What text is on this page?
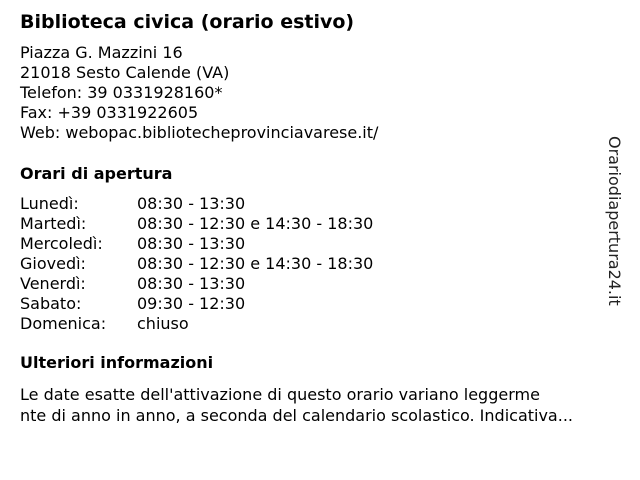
Biblioteca civica (orario estivo)
Piazza G. Mazzini 16
21018 Sesto Calende (VA)
Telefon: 39 0331928160*
Fax: +39 0331922605
Web: webopac.bibliotecheprovinciavarese.it/
Orari di apertura
Lunedì:	08:30 - 13:30
Martedì:	08:30 - 12:30 e 14:30 - 18:30
Mercoledì: 08:30 - 13:30
Giovedì:	08:30 - 12:30 e 14:30 - 18:30
Venerdì:	08:30 - 13:30
Sabato:	09:30 - 12:30
Domenica: chiuso
Ulteriori informazioni
Le date esatte dell'attivazione di questo orario variano leggerme
nte di anno in anno, a seconda del calendario scolastico. Indicativa...
Orariodiapertura24.it
